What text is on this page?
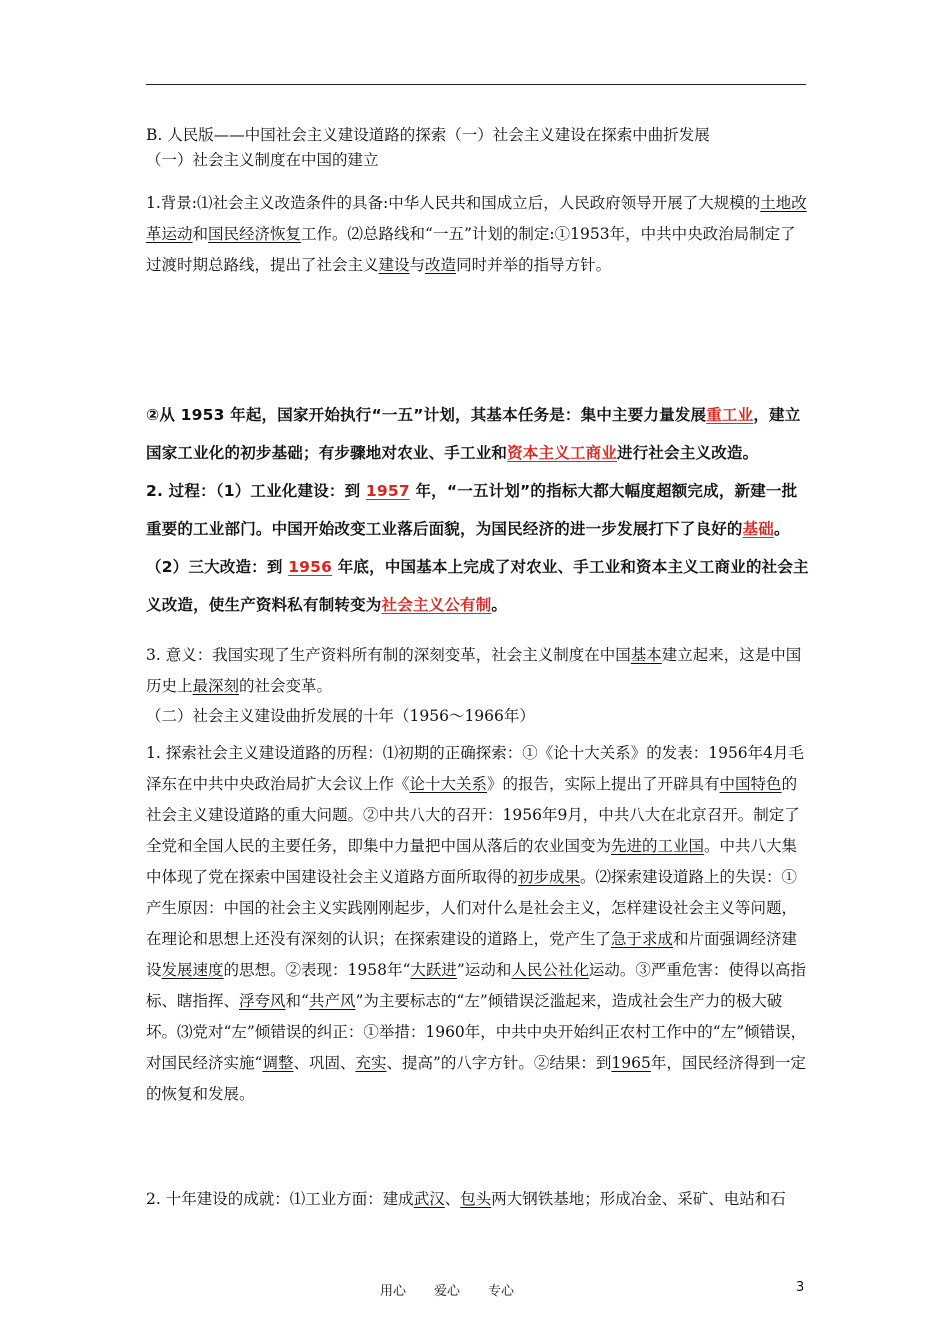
B. 人民版——中国社会主义建设道路的探索（一）社会主义建设在探索中曲折发展
（一）社会主义制度在中国的建立

1.背景:⑴社会主义改造条件的具备:中华人民共和国成立后，人民政府领导开展了大规模的土地改革运动和国民经济恢复工作。⑵总路线和“一五”计划的制定:①1953年，中共中央政治局制定了过渡时期总路线，提出了社会主义建设与改造同时并举的指导方针。

②从 1953 年起，国家开始执行“一五”计划，其基本任务是：集中主要力量发展重工业，建立国家工业化的初步基础；有步骤地对农业、手工业和资本主义工商业进行社会主义改造。
2. 过程：（1）工业化建设：到 1957 年，“一五计划”的指标大都大幅度超额完成，新建一批重要的工业部门。中国开始改变工业落后面貌，为国民经济的进一步发展打下了良好的基础。（2）三大改造：到 1956 年底，中国基本上完成了对农业、手工业和资本主义工商业的社会主义改造，使生产资料私有制转变为社会主义公有制。

3. 意义：我国实现了生产资料所有制的深刻变革，社会主义制度在中国基本建立起来，这是中国历史上最深刻的社会变革。

（二）社会主义建设曲折发展的十年（1956～1966年）

1. 探索社会主义建设道路的历程：⑴初期的正确探索：①《论十大关系》的发表：1956年4月毛泽东在中共中央政治局扩大会议上作《论十大关系》的报告，实际上提出了开辟具有中国特色的社会主义建设道路的重大问题。②中共八大的召开：1956年9月，中共八大在北京召开。制定了全党和全国人民的主要任务，即集中力量把中国从落后的农业国变为先进的工业国。中共八大集中体现了党在探索中国建设社会主义道路方面所取得的初步成果。⑵探索建设道路上的失误：①产生原因：中国的社会主义实践刚刚起步，人们对什么是社会主义，怎样建设社会主义等问题，在理论和思想上还没有深刻的认识；在探索建设的道路上，党产生了急于求成和片面强调经济建设发展速度的思想。②表现：1958年“大跃进”运动和人民公社化运动。③严重危害：使得以高指标、瞎指挥、浮夸风和“共产风”为主要标志的“左”倾错误泛滥起来，造成社会生产力的极大破坏。⑶党对“左”倾错误的纠正：①举措：1960年，中共中央开始纠正农村工作中的“左”倾错误，对国民经济实施“调整、巩固、充实、提高”的八字方针。②结果：到1965年，国民经济得到一定的恢复和发展。

2. 十年建设的成就：⑴工业方面：建成武汉、包头两大钢铁基地；形成冶金、采矿、电站和石

用心 爱心 专心	3
